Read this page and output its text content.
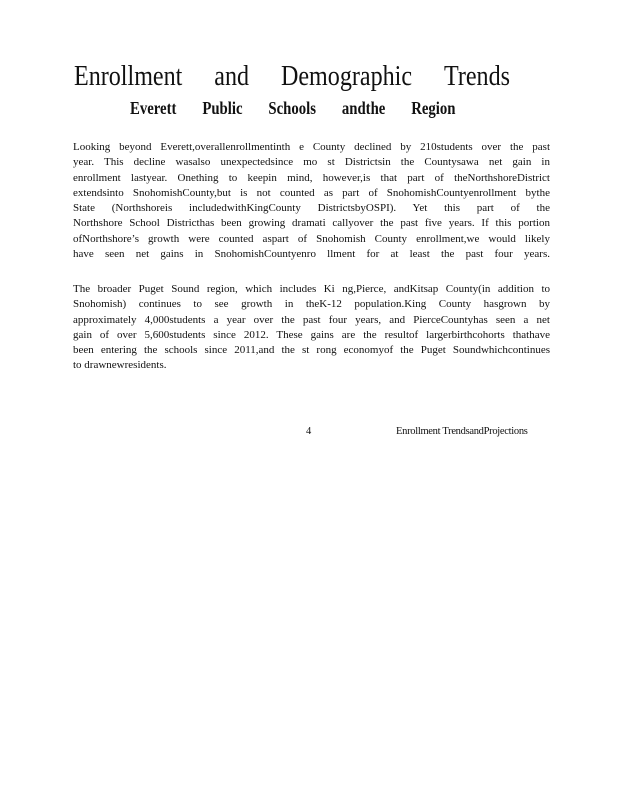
Enrollment and Demographic Trends
Everett Public Schools andthe Region
Looking beyond Everett,overallenrollmentinth e County declined by 210students over the past
year. This decline wasalso unexpectedsince mo st Districtsin the Countysawa net gain in
enrollment lastyear. Onething to keepin mind, however,is that part of theNorthshoreDistrict
extendsinto SnohomishCounty,but is not counted as part of SnohomishCountyenrollment bythe
State (Northshoreis includedwithKingCounty DistrictsbyOSPI). Yet this part of the
Northshore School Districthas been growing dramati callyover the past five years. If this portion
ofNorthshore’s growth were counted aspart of Snohomish County enrollment,we would likely
have seen net gains in SnohomishCountyenro llment for at least the past four years.
The broader Puget Sound region, which includes Ki ng,Pierce, andKitsap County(in addition to
Snohomish) continues to see growth in theK-12 population.King County hasgrown by
approximately 4,000students a year over the past four years, and PierceCountyhas seen a net
gain of over 5,600students since 2012. These gains are the resultof largerbirthcohorts thathave
been entering the schools since 2011,and the st rong economyof the Puget Soundwhichcontinues
to drawnewresidents.
4	Enrollment TrendsandProjections
